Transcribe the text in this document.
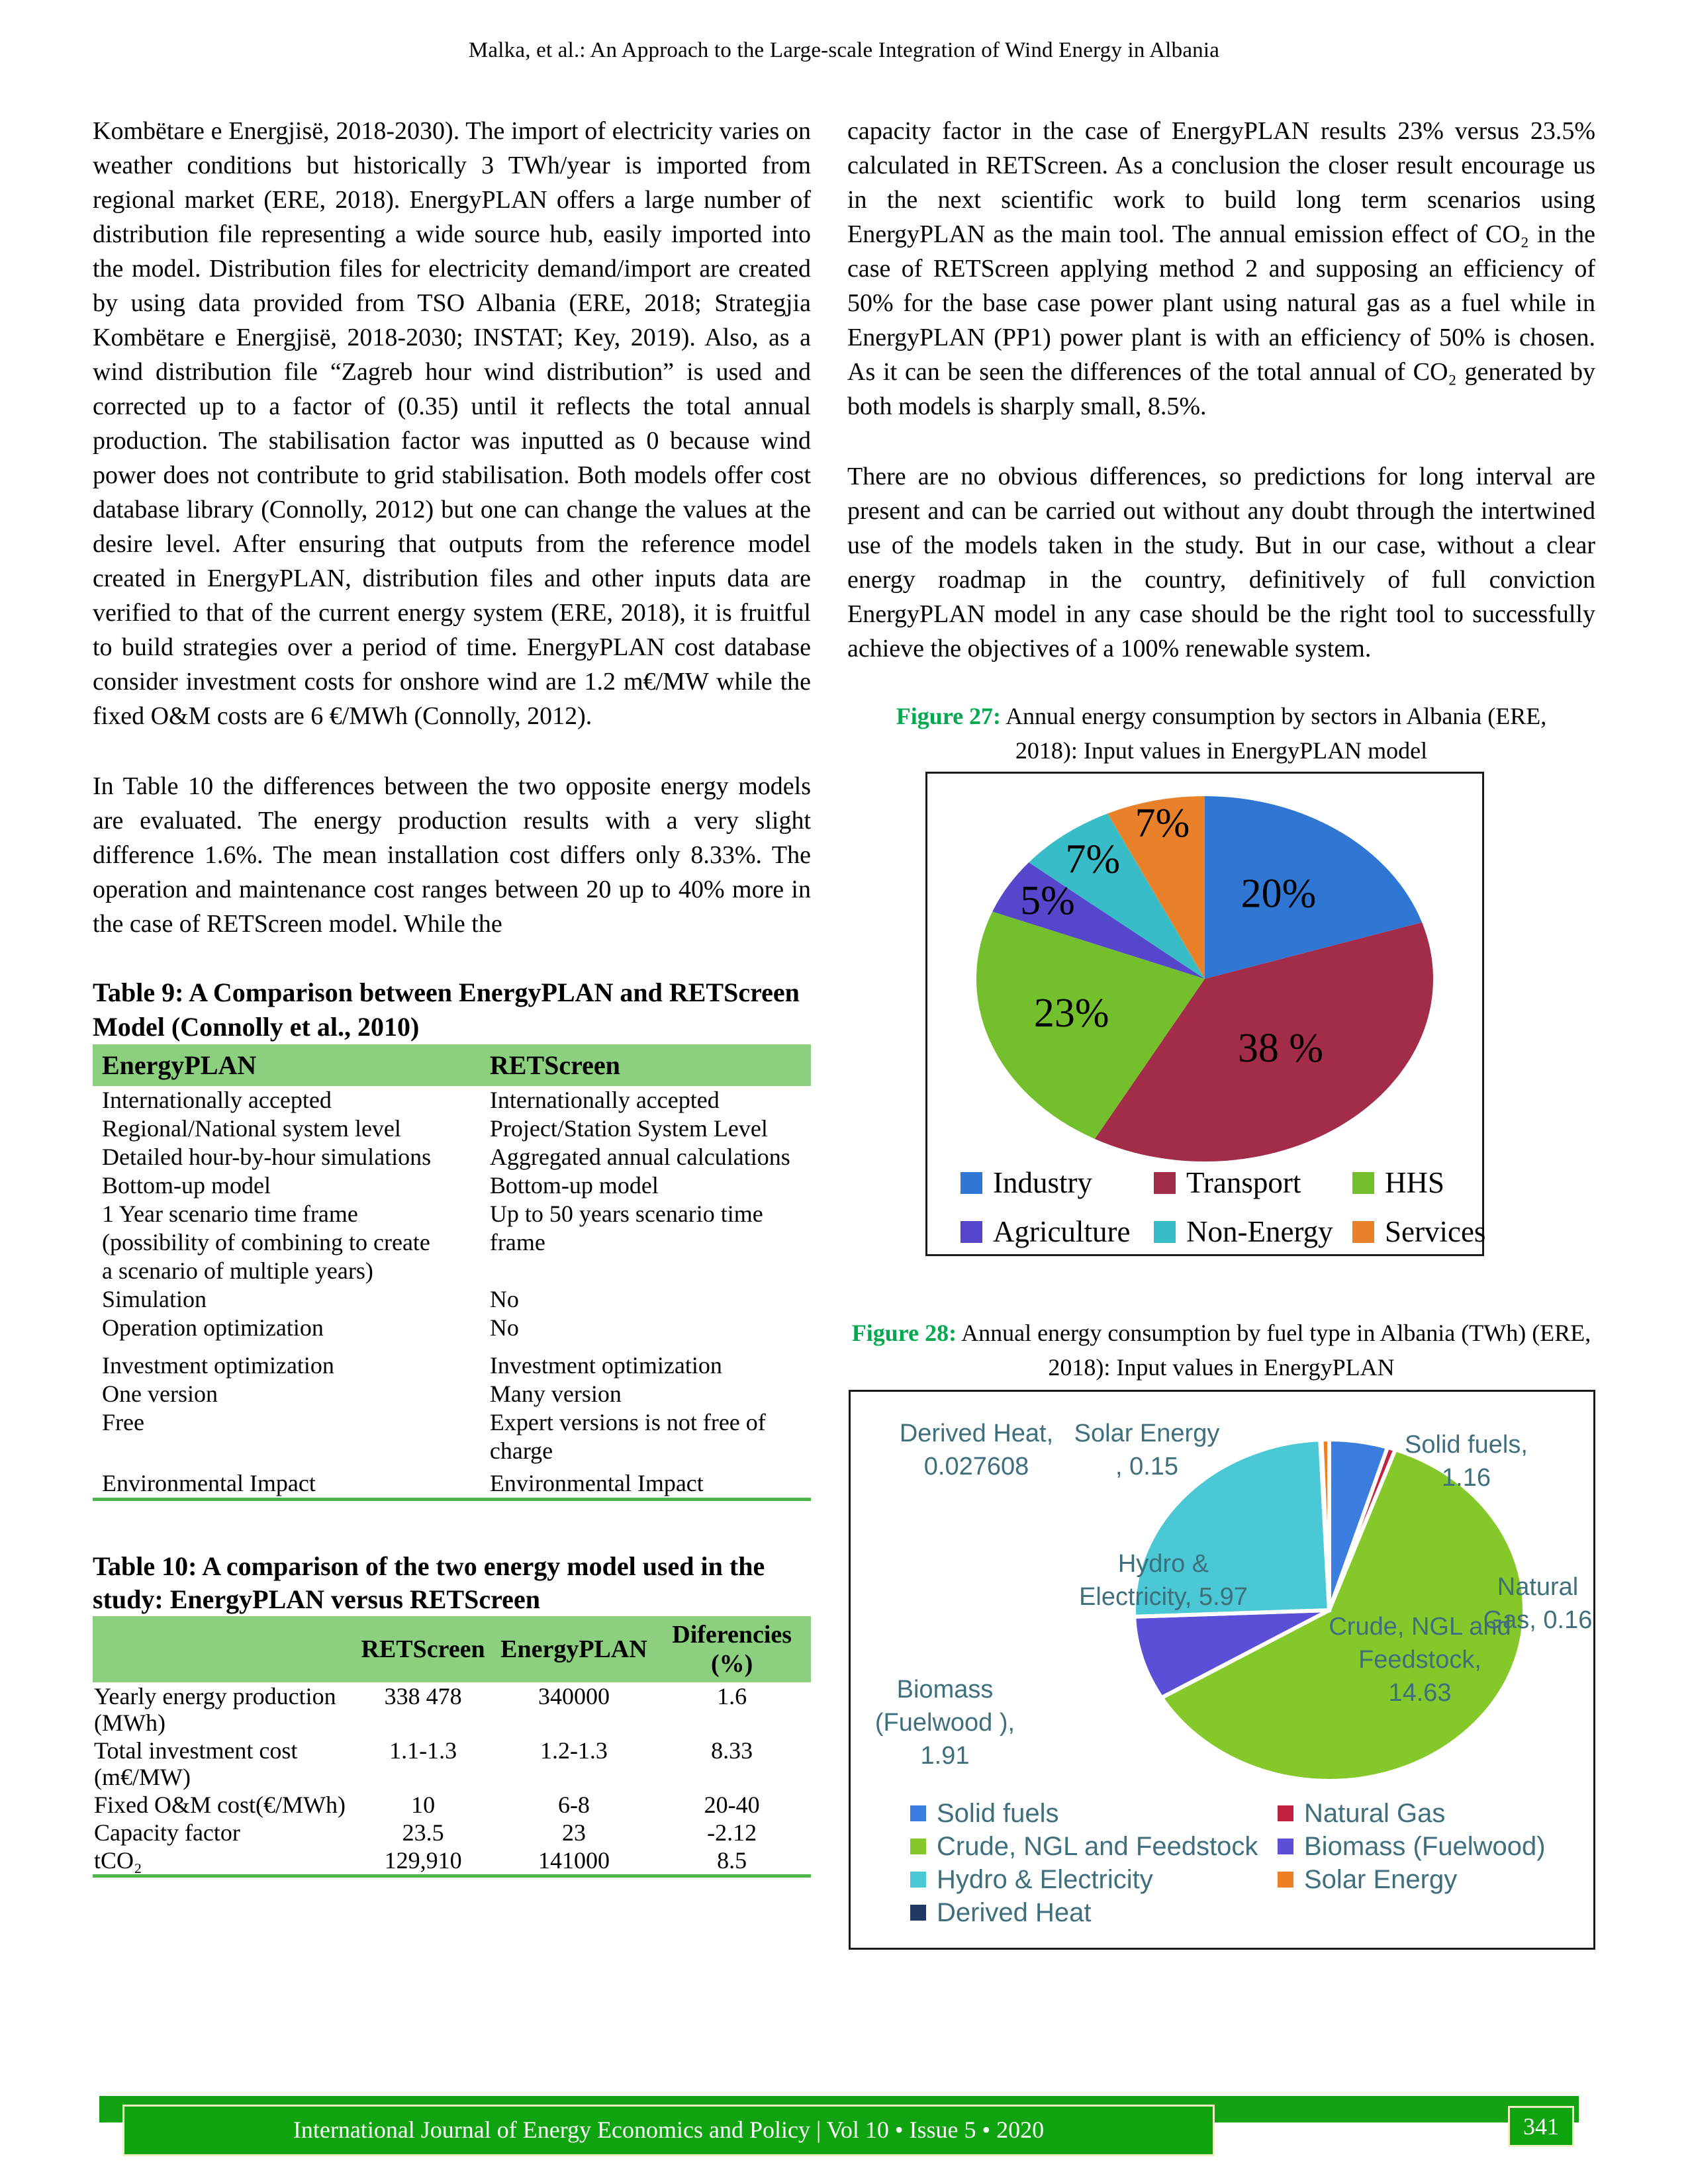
Malka, et al.: An Approach to the Large-scale Integration of Wind Energy in Albania

Kombëtare e Energjisë, 2018-2030). The import of electricity varies on weather conditions but historically 3 TWh/year is imported from regional market (ERE, 2018). EnergyPLAN offers a large number of distribution file representing a wide source hub, easily imported into the model. Distribution files for electricity demand/import are created by using data provided from TSO Albania (ERE, 2018; Strategjia Kombëtare e Energjisë, 2018-2030; INSTAT; Key, 2019). Also, as a wind distribution file “Zagreb hour wind distribution” is used and corrected up to a factor of (0.35) until it reflects the total annual production. The stabilisation factor was inputted as 0 because wind power does not contribute to grid stabilisation. Both models offer cost database library (Connolly, 2012) but one can change the values at the desire level. After ensuring that outputs from the reference model created in EnergyPLAN, distribution files and other inputs data are verified to that of the current energy system (ERE, 2018), it is fruitful to build strategies over a period of time. EnergyPLAN cost database consider investment costs for onshore wind are 1.2 m€/MW while the fixed O&M costs are 6 €/MWh (Connolly, 2012).

In Table 10 the differences between the two opposite energy models are evaluated. The energy production results with a very slight difference 1.6%. The mean installation cost differs only 8.33%. The operation and maintenance cost ranges between 20 up to 40% more in the case of RETScreen model. While the

Table 9: A Comparison between EnergyPLAN and RETScreen Model (Connolly et al., 2010)

EnergyPLAN	RETScreen
Internationally accepted	Internationally accepted
Regional/National system level	Project/Station System Level
Detailed hour-by-hour simulations	Aggregated annual calculations
Bottom-up model	Bottom-up model
1 Year scenario time frame (possibility of combining to create a scenario of multiple years)	Up to 50 years scenario time frame
Simulation	No
Operation optimization	No
Investment optimization	Investment optimization
One version	Many version
Free	Expert versions is not free of charge
Environmental Impact	Environmental Impact

Table 10: A comparison of the two energy model used in the study: EnergyPLAN versus RETScreen

	RETScreen	EnergyPLAN	Diferencies (%)
Yearly energy production (MWh)	338 478	340000	1.6
Total investment cost (m€/MW)	1.1-1.3	1.2-1.3	8.33
Fixed O&M cost(€/MWh)	10	6-8	20-40
Capacity factor	23.5	23	-2.12
tCO₂	129,910	141000	8.5

capacity factor in the case of EnergyPLAN results 23% versus 23.5% calculated in RETScreen. As a conclusion the closer result encourage us in the next scientific work to build long term scenarios using EnergyPLAN as the main tool. The annual emission effect of CO₂ in the case of RETScreen applying method 2 and supposing an efficiency of 50% for the base case power plant using natural gas as a fuel while in EnergyPLAN (PP1) power plant is with an efficiency of 50% is chosen. As it can be seen the differences of the total annual of CO₂ generated by both models is sharply small, 8.5%.

There are no obvious differences, so predictions for long interval are present and can be carried out without any doubt through the intertwined use of the models taken in the study. But in our case, without a clear energy roadmap in the country, definitively of full conviction EnergyPLAN model in any case should be the right tool to successfully achieve the objectives of a 100% renewable system.

Figure 27: Annual energy consumption by sectors in Albania (ERE, 2018): Input values in EnergyPLAN model
20%
38 %
23%
5%
7%
7%
Industry	Transport	HHS
Agriculture Non-Energy Services
Figure 28: Annual energy consumption by fuel type in Albania (TWh) (ERE, 2018): Input values in EnergyPLAN
Derived Heat, 0.027608
Solar Energy , 0.15
Solid fuels, 1.16
Natural Gas, 0.16
Hydro & Electricity, 5.97
Biomass (Fuelwood ), 1.91
Crude, NGL and Feedstock, 14.63
Solid fuels
Crude, NGL and Feedstock
Hydro & Electricity
Derived Heat
Natural Gas
Biomass (Fuelwood)
Solar Energy
International Journal of Energy Economics and Policy | Vol 10 • Issue 5 • 2020	341
